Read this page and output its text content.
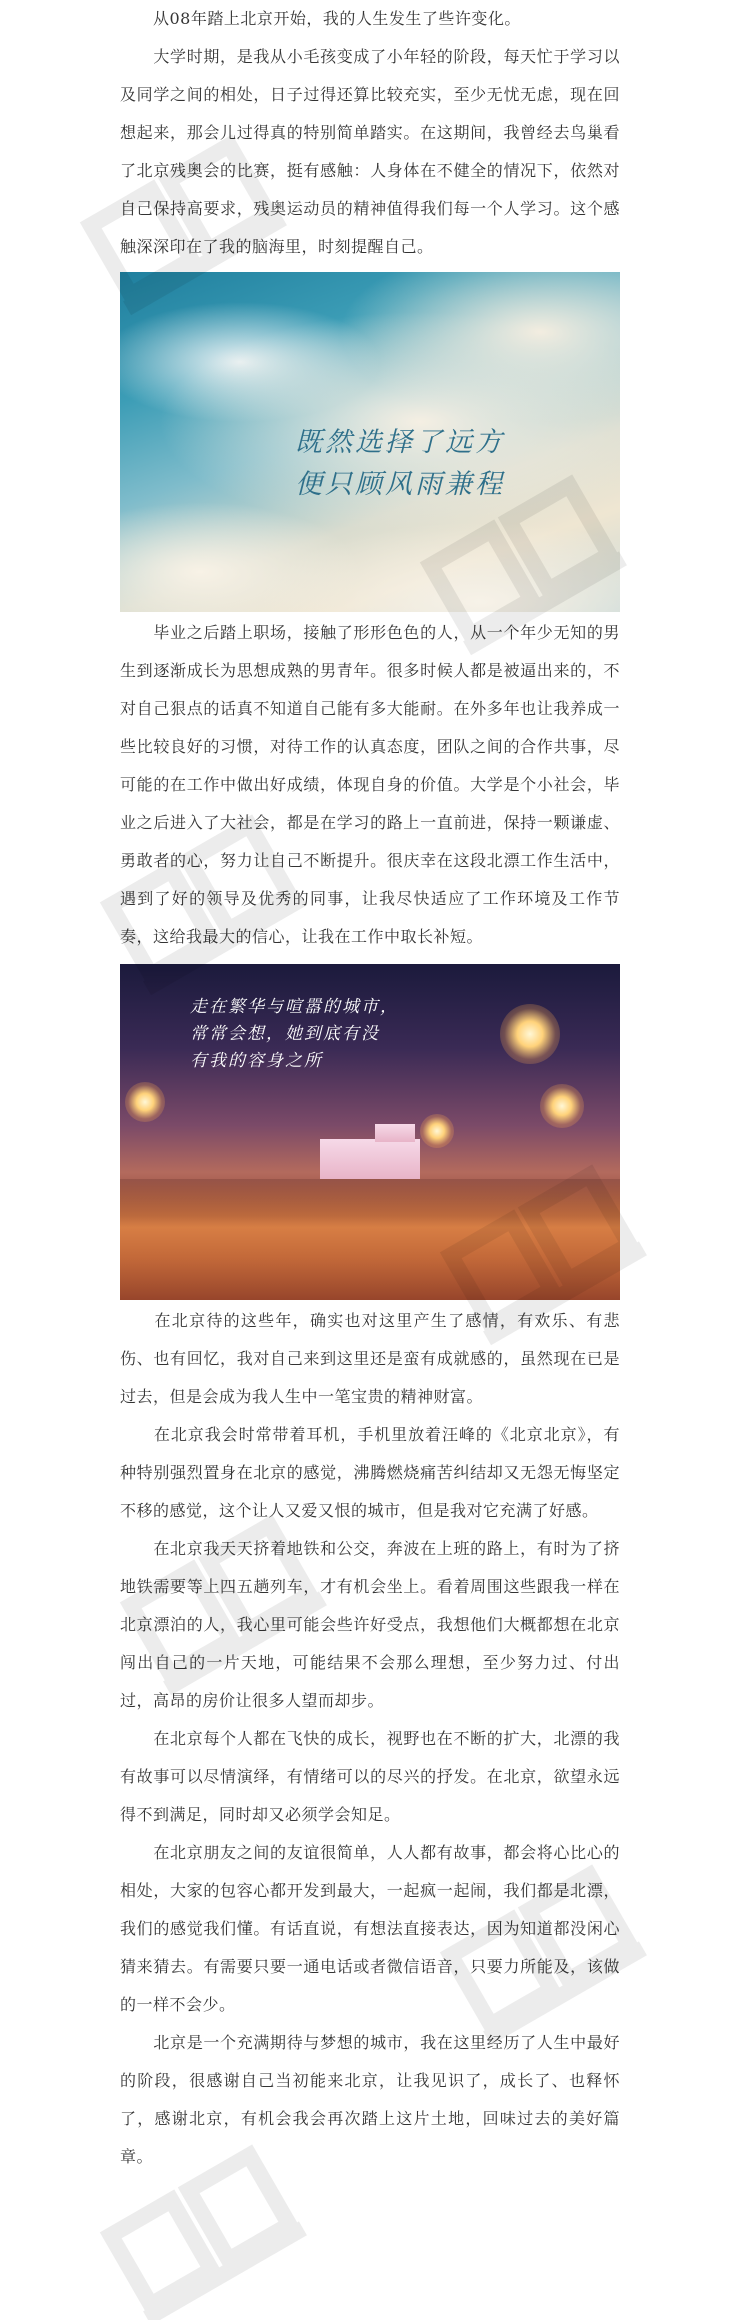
　　从08年踏上北京开始，我的人生发生了些许变化。

　　大学时期，是我从小毛孩变成了小年轻的阶段，每天忙于学习以及同学之间的相处，日子过得还算比较充实，至少无忧无虑，现在回想起来，那会儿过得真的特别简单踏实。在这期间，我曾经去鸟巢看了北京残奥会的比赛，挺有感触：人身体在不健全的情况下，依然对自己保持高要求，残奥运动员的精神值得我们每一个人学习。这个感触深深印在了我的脑海里，时刻提醒自己。

既然选择了远方
便只顾风雨兼程

　　毕业之后踏上职场，接触了形形色色的人，从一个年少无知的男生到逐渐成长为思想成熟的男青年。很多时候人都是被逼出来的，不对自己狠点的话真不知道自己能有多大能耐。在外多年也让我养成一些比较良好的习惯，对待工作的认真态度，团队之间的合作共事，尽可能的在工作中做出好成绩，体现自身的价值。大学是个小社会，毕业之后进入了大社会，都是在学习的路上一直前进，保持一颗谦虚、勇敢者的心，努力让自己不断提升。很庆幸在这段北漂工作生活中，遇到了好的领导及优秀的同事，让我尽快适应了工作环境及工作节奏，这给我最大的信心，让我在工作中取长补短。

走在繁华与喧嚣的城市，
常常会想，她到底有没
有我的容身之所

　　在北京待的这些年，确实也对这里产生了感情，有欢乐、有悲伤、也有回忆，我对自己来到这里还是蛮有成就感的，虽然现在已是过去，但是会成为我人生中一笔宝贵的精神财富。

　　在北京我会时常带着耳机，手机里放着汪峰的《北京北京》，有种特别强烈置身在北京的感觉，沸腾燃烧痛苦纠结却又无怨无悔坚定不移的感觉，这个让人又爱又恨的城市，但是我对它充满了好感。

　　在北京我天天挤着地铁和公交，奔波在上班的路上，有时为了挤地铁需要等上四五趟列车，才有机会坐上。看着周围这些跟我一样在北京漂泊的人，我心里可能会些许好受点，我想他们大概都想在北京闯出自己的一片天地，可能结果不会那么理想，至少努力过、付出过，高昂的房价让很多人望而却步。

　　在北京每个人都在飞快的成长，视野也在不断的扩大，北漂的我有故事可以尽情演绎，有情绪可以的尽兴的抒发。在北京，欲望永远得不到满足，同时却又必须学会知足。

　　在北京朋友之间的友谊很简单，人人都有故事，都会将心比心的相处，大家的包容心都开发到最大，一起疯一起闹，我们都是北漂，我们的感觉我们懂。有话直说，有想法直接表达，因为知道都没闲心猜来猜去。有需要只要一通电话或者微信语音，只要力所能及，该做的一样不会少。

　　北京是一个充满期待与梦想的城市，我在这里经历了人生中最好的阶段，很感谢自己当初能来北京，让我见识了，成长了、也释怀了，感谢北京，有机会我会再次踏上这片土地，回味过去的美好篇章。
